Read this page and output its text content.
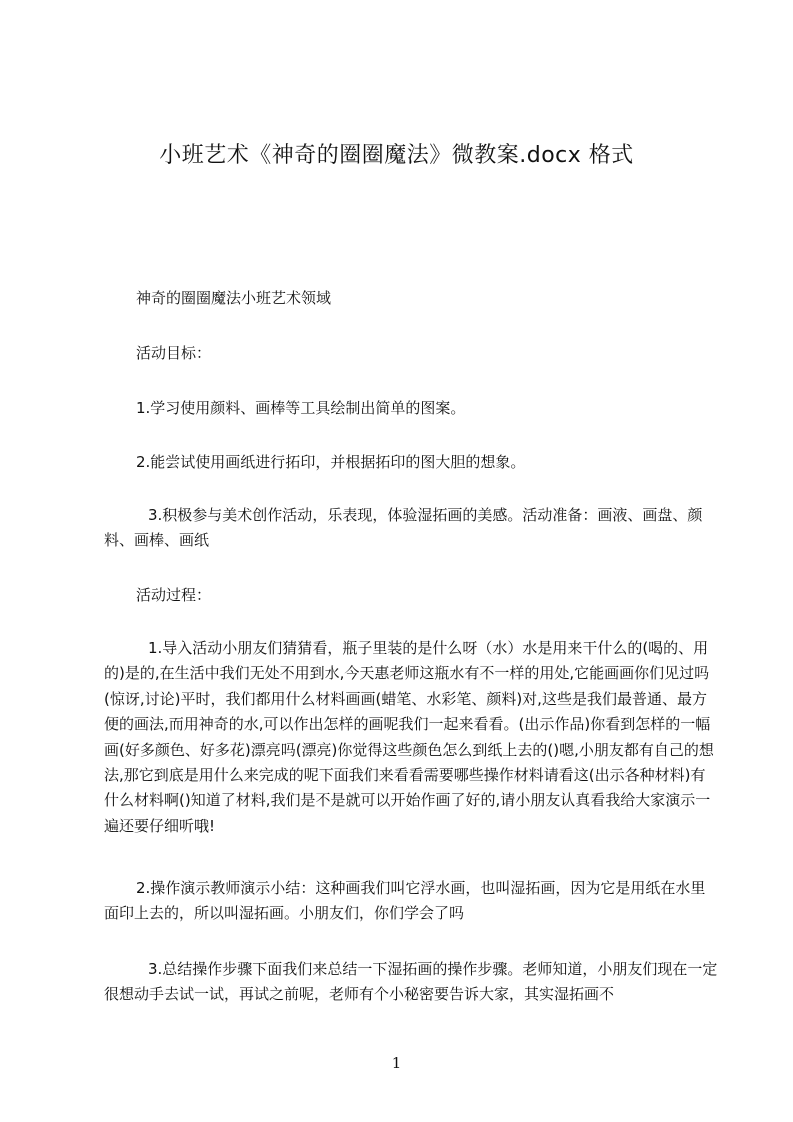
小班艺术《神奇的圈圈魔法》微教案.docx 格式

神奇的圈圈魔法小班艺术领域

活动目标：

1.学习使用颜料、画棒等工具绘制出简单的图案。

2.能尝试使用画纸进行拓印，并根据拓印的图大胆的想象。

3.积极参与美术创作活动，乐表现，体验湿拓画的美感。活动准备：画液、画盘、颜料、画棒、画纸

活动过程：

1.导入活动小朋友们猜猜看，瓶子里装的是什么呀（水）水是用来干什么的(喝的、用的)是的,在生活中我们无处不用到水,今天惠老师这瓶水有不一样的用处,它能画画你们见过吗(惊讶,讨论)平时，我们都用什么材料画画(蜡笔、水彩笔、颜料)对,这些是我们最普通、最方便的画法,而用神奇的水,可以作出怎样的画呢我们一起来看看。(出示作品)你看到怎样的一幅画(好多颜色、好多花)漂亮吗(漂亮)你觉得这些颜色怎么到纸上去的()嗯,小朋友都有自己的想法,那它到底是用什么来完成的呢下面我们来看看需要哪些操作材料请看这(出示各种材料)有什么材料啊()知道了材料,我们是不是就可以开始作画了好的,请小朋友认真看我给大家演示一遍还要仔细听哦!

2.操作演示教师演示小结：这种画我们叫它浮水画，也叫湿拓画，因为它是用纸在水里面印上去的，所以叫湿拓画。小朋友们，你们学会了吗

3.总结操作步骤下面我们来总结一下湿拓画的操作步骤。老师知道，小朋友们现在一定很想动手去试一试，再试之前呢，老师有个小秘密要告诉大家，其实湿拓画不

1
